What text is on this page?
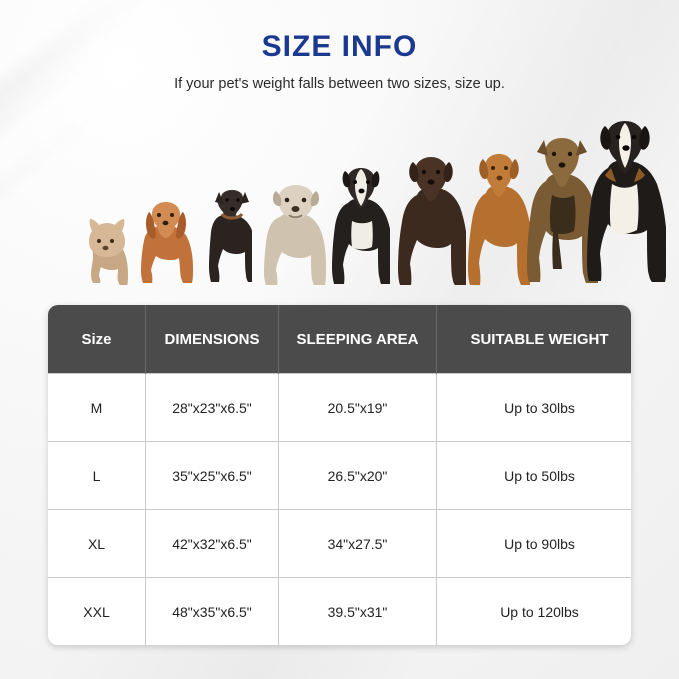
SIZE INFO
If your pet's weight falls between two sizes, size up.
Size	DIMENSIONS	SLEEPING AREA	SUITABLE WEIGHT
M	28"x23"x6.5"	20.5"x19"	Up to 30lbs
L	35"x25"x6.5"	26.5"x20"	Up to 50lbs
XL	42"x32"x6.5"	34"x27.5"	Up to 90lbs
XXL	48"x35"x6.5"	39.5"x31"	Up to 120lbs
